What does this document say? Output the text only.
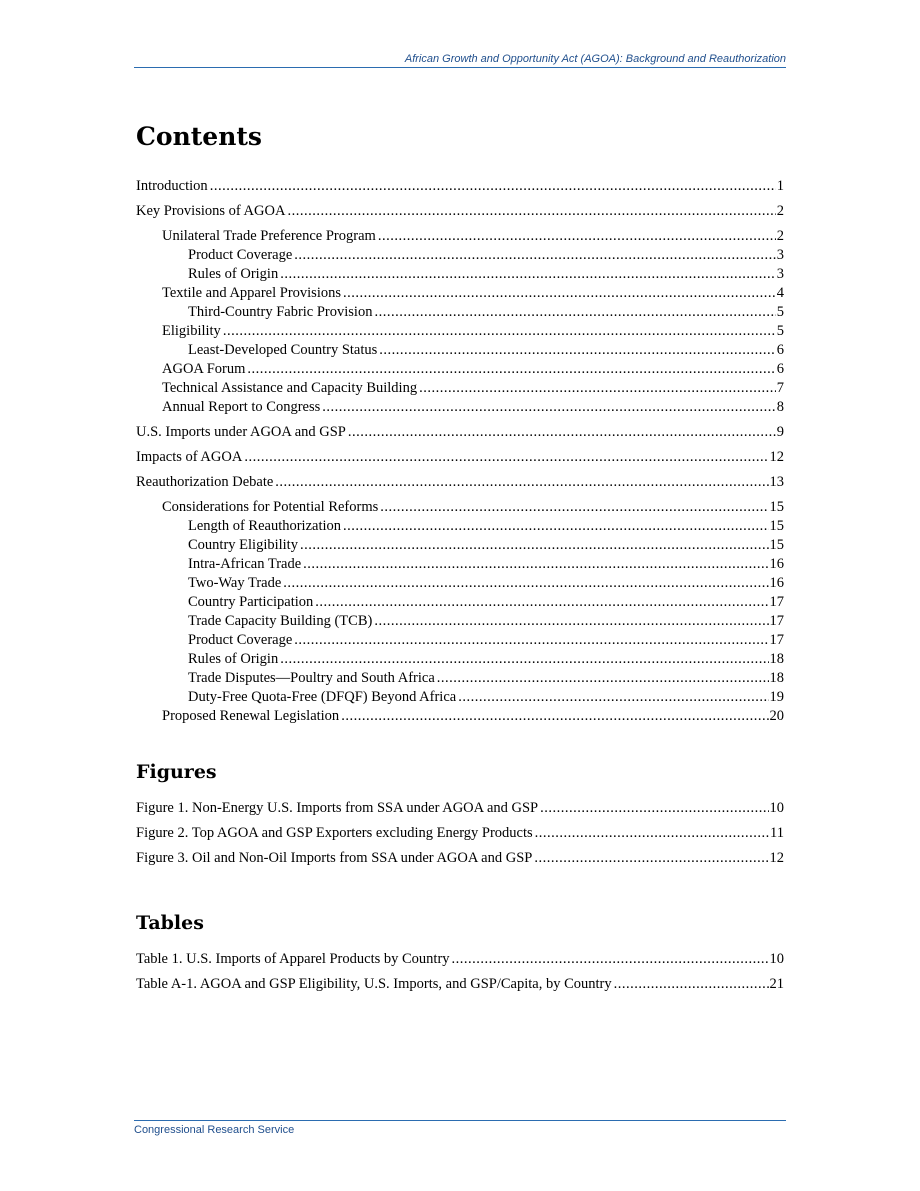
African Growth and Opportunity Act (AGOA): Background and Reauthorization
Contents
Introduction .....	1
Key Provisions of AGOA .....	2
Unilateral Trade Preference Program .....	2
Product Coverage .....	3
Rules of Origin .....	3
Textile and Apparel Provisions .....	4
Third-Country Fabric Provision .....	5
Eligibility .....	5
Least-Developed Country Status .....	6
AGOA Forum .....	6
Technical Assistance and Capacity Building .....	7
Annual Report to Congress .....	8
U.S. Imports under AGOA and GSP .....	9
Impacts of AGOA .....	12
Reauthorization Debate .....	13
Considerations for Potential Reforms .....	15
Length of Reauthorization .....	15
Country Eligibility .....	15
Intra-African Trade .....	16
Two-Way Trade .....	16
Country Participation .....	17
Trade Capacity Building (TCB) .....	17
Product Coverage .....	17
Rules of Origin .....	18
Trade Disputes—Poultry and South Africa .....	18
Duty-Free Quota-Free (DFQF) Beyond Africa .....	19
Proposed Renewal Legislation .....	20
Figures
Figure 1. Non-Energy U.S. Imports from SSA under AGOA and GSP .....	10
Figure 2. Top AGOA and GSP Exporters excluding Energy Products .....	11
Figure 3. Oil and Non-Oil Imports from SSA under AGOA and GSP .....	12
Tables
Table 1. U.S. Imports of Apparel Products by Country .....	10
Table A-1. AGOA and GSP Eligibility, U.S. Imports, and GSP/Capita, by Country .....	21
Congressional Research Service
